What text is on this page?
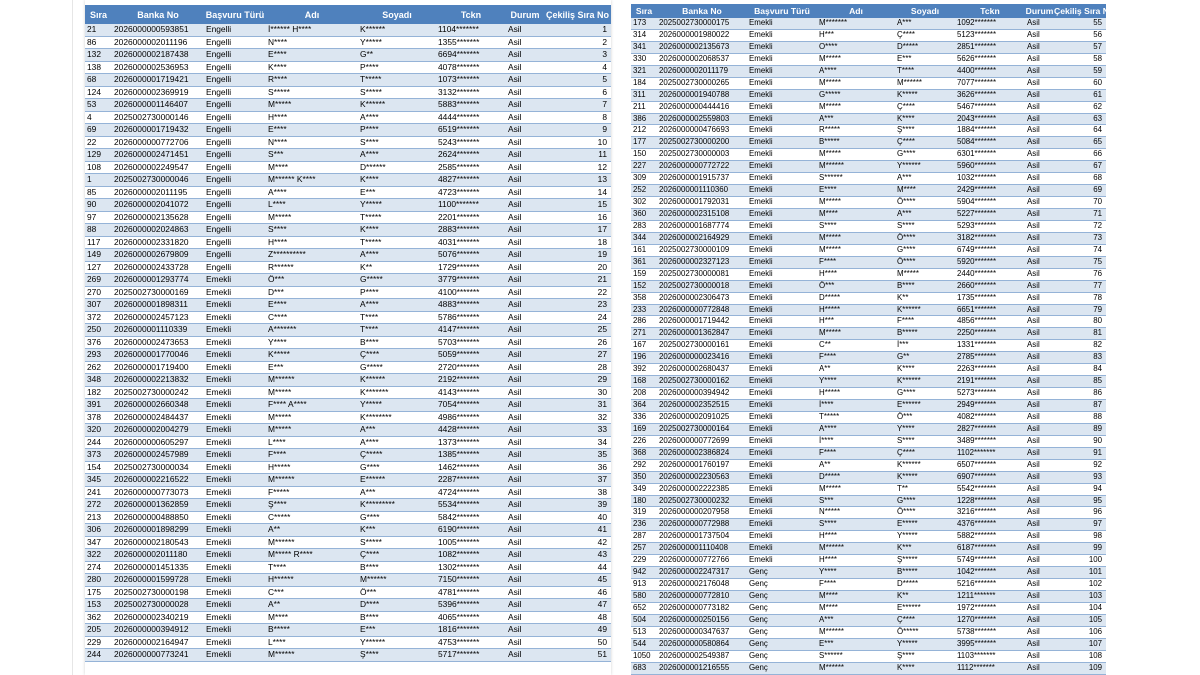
Sıra	Banka No	Başvuru Türü	Adı	Soyadı	Tckn	Durum	Çekiliş Sıra No
21	2026000000593851	Engelli	İ****** H****	K******	1104*******	Asil	1
86	2026000002011196	Engelli	N****	Y*****	1355*******	Asil	2
132	2026000002187438	Engelli	E****	G**	6694*******	Asil	3
138	2026000002536953	Engelli	K****	P****	4078*******	Asil	4
68	2026000001719421	Engelli	R****	T*****	1073*******	Asil	5
124	2026000002369919	Engelli	S*****	S*****	3132*******	Asil	6
53	2026000001146407	Engelli	M*****	K******	5883*******	Asil	7
4	2025002730000146	Engelli	H****	A****	4444*******	Asil	8
69	2026000001719432	Engelli	E****	P****	6519*******	Asil	9
22	2026000000772706	Engelli	N****	S****	5243*******	Asil	10
129	2026000002471451	Engelli	S***	A****	2624*******	Asil	11
108	2026000002249547	Engelli	M****	D******	2585*******	Asil	12
1	2025002730000046	Engelli	M****** K****	K****	4827*******	Asil	13
85	2026000002011195	Engelli	A****	E***	4723*******	Asil	14
90	2026000002041072	Engelli	L****	Y*****	1100*******	Asil	15
97	2026000002135628	Engelli	M*****	T*****	2201*******	Asil	16
88	2026000002024863	Engelli	S****	K****	2883*******	Asil	17
117	2026000002331820	Engelli	H****	T*****	4031*******	Asil	18
149	2026000002679809	Engelli	Z**********	A****	5076*******	Asil	19
127	2026000002433728	Engelli	R******	K**	1729*******	Asil	20
269	2026000001293774	Emekli	Ö***	G*****	3779*******	Asil	21
270	2025002730000169	Emekli	D***	P****	4100*******	Asil	22
307	2026000001898311	Emekli	E****	A****	4883*******	Asil	23
372	2026000002457123	Emekli	C****	T****	5786*******	Asil	24
250	2026000001110339	Emekli	A*******	T****	4147*******	Asil	25
376	2026000002473653	Emekli	Y****	B****	5703*******	Asil	26
293	2026000001770046	Emekli	K*****	Ç****	5059*******	Asil	27
262	2026000001719400	Emekli	E***	G*****	2720*******	Asil	28
348	2026000002213832	Emekli	M******	K******	2192*******	Asil	29
182	2025002730000242	Emekli	M*****	K*******	4143*******	Asil	30
391	2026000002660348	Emekli	F**** A****	Y*****	7054*******	Asil	31
378	2026000002484437	Emekli	M*****	K********	4986*******	Asil	32
320	2026000002004279	Emekli	M*****	A***	4428*******	Asil	33
244	2026000000605297	Emekli	L****	A****	1373*******	Asil	34
373	2026000002457989	Emekli	F****	Ç*****	1385*******	Asil	35
154	2025002730000034	Emekli	H*****	G****	1462*******	Asil	36
345	2026000002216522	Emekli	M******	E******	2287*******	Asil	37
241	2026000000773073	Emekli	F*****	A***	4724*******	Asil	38
272	2026000001362859	Emekli	Ş****	K*********	5534*******	Asil	39
213	2026000000488850	Emekli	C*****	G****	5842*******	Asil	40
306	2026000001898299	Emekli	A**	K***	6190*******	Asil	41
347	2026000002180543	Emekli	M******	S*****	1005*******	Asil	42
322	2026000002011180	Emekli	M***** R****	Ç****	1082*******	Asil	43
274	2026000001451335	Emekli	T****	B****	1302*******	Asil	44
280	2026000001599728	Emekli	H******	M******	7150*******	Asil	45
175	2025002730000198	Emekli	C***	Ö***	4781*******	Asil	46
153	2025002730000028	Emekli	A**	D****	5396*******	Asil	47
362	2026000002340219	Emekli	M****	B****	4065*******	Asil	48
205	2026000000394912	Emekli	B*****	E***	1816*******	Asil	49
229	2026000002164947	Emekli	L****	Y******	4753*******	Asil	50
244	2026000000773241	Emekli	M******	Ş****	5717*******	Asil	51
Sıra	Banka No	Başvuru Türü	Adı	Soyadı	Tckn	Durum	Çekiliş Sıra No
173	2025002730000175	Emekli	M*******	A***	1092*******	Asil	55
314	2026000001980022	Emekli	H***	Ç****	5123*******	Asil	56
341	2026000002135673	Emekli	O****	D*****	2851*******	Asil	57
330	2026000002068537	Emekli	M*****	E***	5626*******	Asil	58
321	2026000002011179	Emekli	A****	T****	4400*******	Asil	59
184	2025002730000265	Emekli	M*****	M******	7077*******	Asil	60
311	2026000001940788	Emekli	G*****	K*****	3626*******	Asil	61
211	2026000000444416	Emekli	M*****	Ç****	5467*******	Asil	62
386	2026000002559803	Emekli	A***	K****	2043*******	Asil	63
212	2026000000476693	Emekli	R*****	Ş****	1884*******	Asil	64
177	2025002730000200	Emekli	B*****	Ç****	5084*******	Asil	65
150	2025002730000003	Emekli	M*****	G****	6301*******	Asil	66
227	2026000000772722	Emekli	M******	Y******	5960*******	Asil	67
309	2026000001915737	Emekli	S******	A***	1032*******	Asil	68
252	2026000001110360	Emekli	E****	M****	2429*******	Asil	69
302	2026000001792031	Emekli	M*****	Ö****	5904*******	Asil	70
360	2026000002315108	Emekli	M****	A***	5227*******	Asil	71
283	2026000001687774	Emekli	S****	S****	5293*******	Asil	72
344	2026000002164929	Emekli	M*****	Ö****	3182*******	Asil	73
161	2025002730000109	Emekli	M*****	G****	6749*******	Asil	74
361	2026000002327123	Emekli	F****	Ö****	5920*******	Asil	75
159	2025002730000081	Emekli	H****	M*****	2440*******	Asil	76
152	2025002730000018	Emekli	Ö***	B****	2660*******	Asil	77
358	2026000002306473	Emekli	D*****	K**	1735*******	Asil	78
233	2026000000772848	Emekli	H*****	K******	6651*******	Asil	79
286	2026000001719442	Emekli	H***	F****	4856*******	Asil	80
271	2026000001362847	Emekli	M*****	B*****	2250*******	Asil	81
167	2025002730000161	Emekli	C**	İ***	1331*******	Asil	82
196	2026000000023416	Emekli	F****	G**	2785*******	Asil	83
392	2026000002680437	Emekli	A**	K****	2263*******	Asil	84
168	2025002730000162	Emekli	Y****	K******	2191*******	Asil	85
208	2026000000394942	Emekli	H*****	G****	5273*******	Asil	86
364	2026000002352515	Emekli	İ****	E******	2949*******	Asil	87
336	2026000002091025	Emekli	T*****	Ö***	4082*******	Asil	88
169	2025002730000164	Emekli	A****	Y****	2827*******	Asil	89
226	2026000000772699	Emekli	İ****	S****	3489*******	Asil	90
368	2026000002386824	Emekli	F****	Ç****	1102*******	Asil	91
292	2026000001760197	Emekli	A**	K******	6507*******	Asil	92
350	2026000002230563	Emekli	D*****	K*****	6907*******	Asil	93
349	2026000002222385	Emekli	M*****	T**	5542*******	Asil	94
180	2025002730000232	Emekli	S***	G****	1228*******	Asil	95
319	2026000000207958	Emekli	N*****	Ö****	3216*******	Asil	96
236	2026000000772988	Emekli	S****	E*****	4376*******	Asil	97
287	2026000001737504	Emekli	H****	Y*****	5882*******	Asil	98
257	2026000001110408	Emekli	M******	K***	6187*******	Asil	99
229	2026000000772766	Emekli	H****	Ş*****	5749*******	Asil	100
942	2026000002247317	Genç	Y****	B*****	1042*******	Asil	101
913	2026000002176048	Genç	F****	D*****	5216*******	Asil	102
580	2026000000772810	Genç	M****	K**	1211*******	Asil	103
652	2026000000773182	Genç	M****	E******	1972*******	Asil	104
504	2026000000250156	Genç	A***	Ç****	1270*******	Asil	105
513	2026000000347637	Genç	M******	Ö*****	5738*******	Asil	106
544	2026000000580864	Genç	E***	Y*****	3995*******	Asil	107
1050	2026000002549387	Genç	S******	Ş****	1103*******	Asil	108
683	2026000001216555	Genç	M******	K****	1112*******	Asil	109
